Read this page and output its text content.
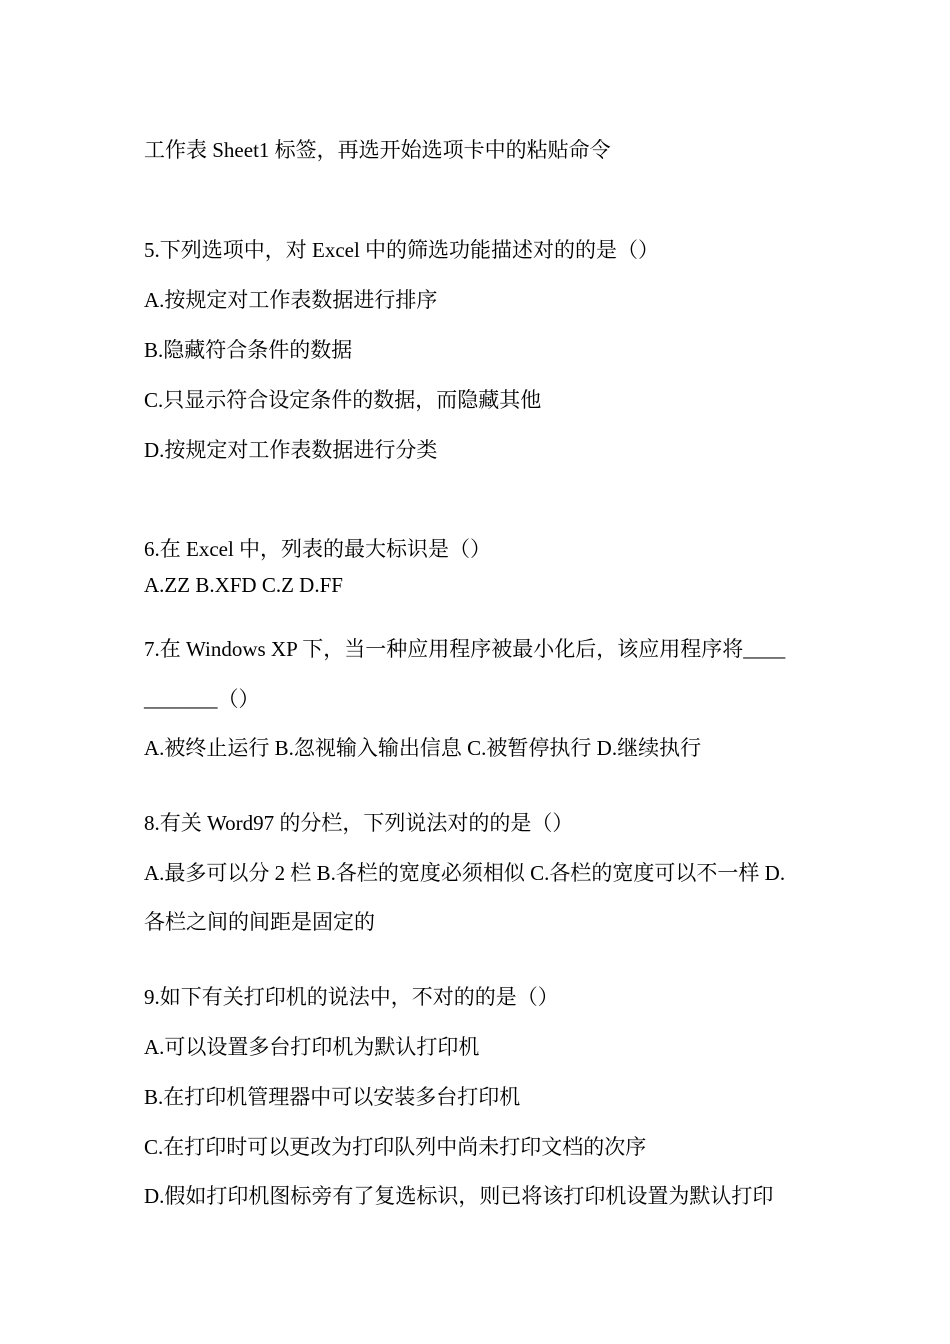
工作表 Sheet1 标签，再选开始选项卡中的粘贴命令
5.下列选项中，对 Excel 中的筛选功能描述对的的是（）
A.按规定对工作表数据进行排序
B.隐藏符合条件的数据
C.只显示符合设定条件的数据，而隐藏其他
D.按规定对工作表数据进行分类
6.在 Excel 中，列表的最大标识是（）
A.ZZ B.XFD C.Z D.FF
7.在 Windows XP 下，当一种应用程序被最小化后，该应用程序将____
_______（）
A.被终止运行 B.忽视输入输出信息 C.被暂停执行 D.继续执行
8.有关 Word97 的分栏，下列说法对的的是（）
A.最多可以分 2 栏 B.各栏的宽度必须相似 C.各栏的宽度可以不一样 D.
各栏之间的间距是固定的
9.如下有关打印机的说法中，不对的的是（）
A.可以设置多台打印机为默认打印机
B.在打印机管理器中可以安装多台打印机
C.在打印时可以更改为打印队列中尚未打印文档的次序
D.假如打印机图标旁有了复选标识，则已将该打印机设置为默认打印
